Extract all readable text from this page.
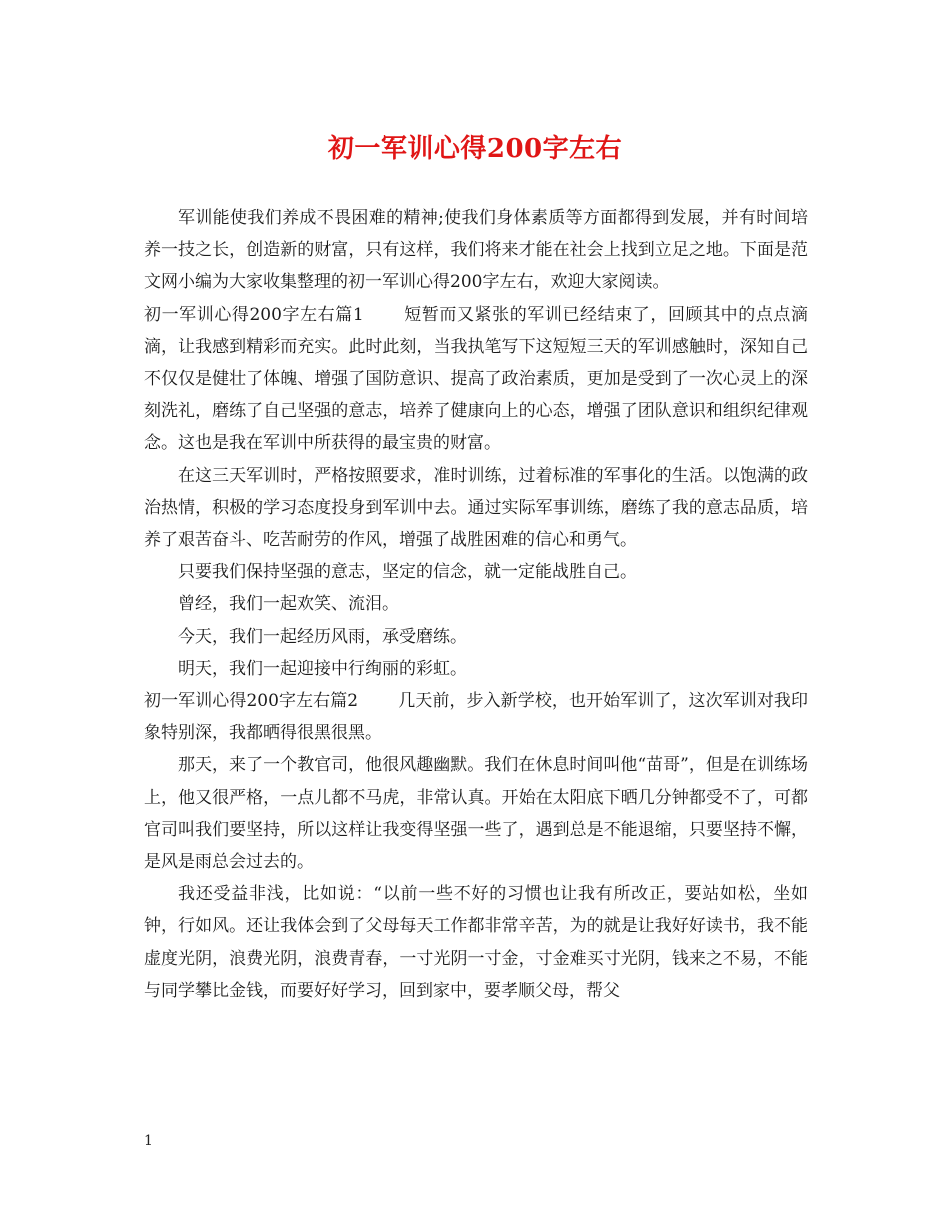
初一军训心得200字左右

军训能使我们养成不畏困难的精神;使我们身体素质等方面都得到发展，并有时间培养一技之长，创造新的财富，只有这样，我们将来才能在社会上找到立足之地。下面是范文网小编为大家收集整理的初一军训心得200字左右，欢迎大家阅读。

初一军训心得200字左右篇1 短暂而又紧张的军训已经结束了，回顾其中的点点滴滴，让我感到精彩而充实。此时此刻，当我执笔写下这短短三天的军训感触时，深知自己不仅仅是健壮了体魄、增强了国防意识、提高了政治素质，更加是受到了一次心灵上的深刻洗礼，磨练了自己坚强的意志，培养了健康向上的心态，增强了团队意识和组织纪律观念。这也是我在军训中所获得的最宝贵的财富。

在这三天军训时，严格按照要求，准时训练，过着标准的军事化的生活。以饱满的政治热情，积极的学习态度投身到军训中去。通过实际军事训练，磨练了我的意志品质，培养了艰苦奋斗、吃苦耐劳的作风，增强了战胜困难的信心和勇气。

只要我们保持坚强的意志，坚定的信念，就一定能战胜自己。

曾经，我们一起欢笑、流泪。

今天，我们一起经历风雨，承受磨练。

明天，我们一起迎接中行绚丽的彩虹。

初一军训心得200字左右篇2 几天前，步入新学校，也开始军训了，这次军训对我印象特别深，我都晒得很黑很黑。

那天，来了一个教官司，他很风趣幽默。我们在休息时间叫他“苗哥”，但是在训练场上，他又很严格，一点儿都不马虎，非常认真。开始在太阳底下晒几分钟都受不了，可都官司叫我们要坚持，所以这样让我变得坚强一些了，遇到总是不能退缩，只要坚持不懈，是风是雨总会过去的。

我还受益非浅，比如说：“以前一些不好的习惯也让我有所改正，要站如松，坐如钟，行如风。还让我体会到了父母每天工作都非常辛苦，为的就是让我好好读书，我不能虚度光阴，浪费光阴，浪费青春，一寸光阴一寸金，寸金难买寸光阴，钱来之不易，不能与同学攀比金钱，而要好好学习，回到家中，要孝顺父母，帮父

1
